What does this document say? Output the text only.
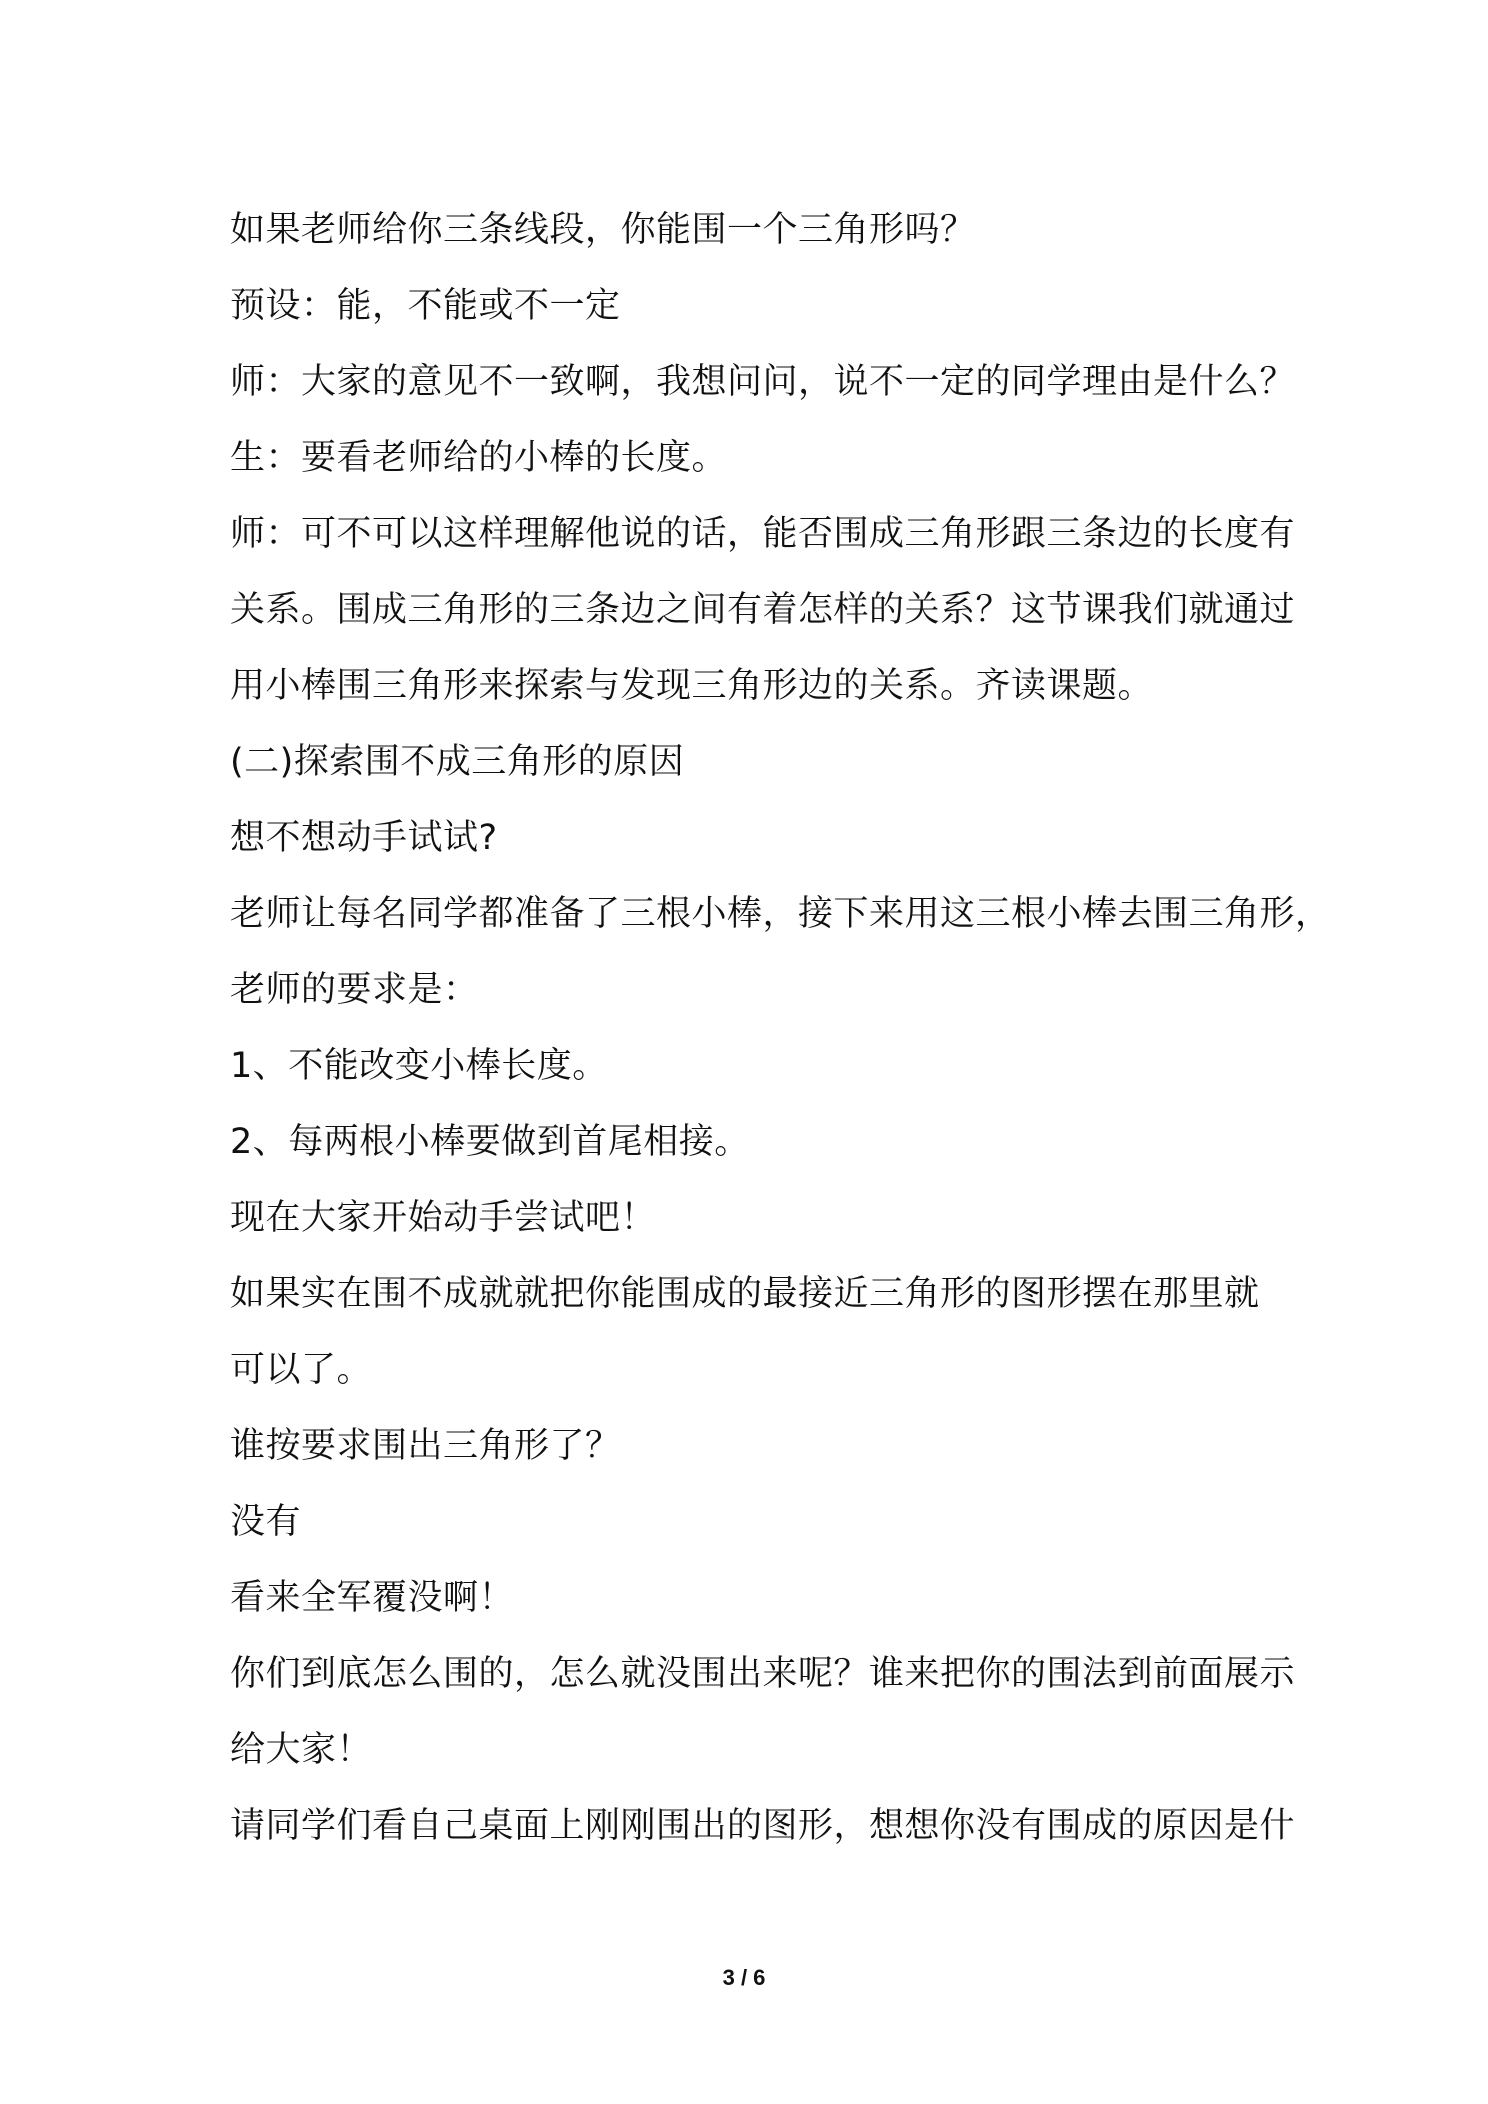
如果老师给你三条线段，你能围一个三角形吗？
预设：能，不能或不一定
师：大家的意见不一致啊，我想问问，说不一定的同学理由是什么？
生：要看老师给的小棒的长度。
师：可不可以这样理解他说的话，能否围成三角形跟三条边的长度有
关系。围成三角形的三条边之间有着怎样的关系？这节课我们就通过
用小棒围三角形来探索与发现三角形边的关系。齐读课题。
(二)探索围不成三角形的原因
想不想动手试试?
老师让每名同学都准备了三根小棒，接下来用这三根小棒去围三角形，
老师的要求是：
1、不能改变小棒长度。
2、每两根小棒要做到首尾相接。
现在大家开始动手尝试吧！
如果实在围不成就就把你能围成的最接近三角形的图形摆在那里就
可以了。
谁按要求围出三角形了？
没有
看来全军覆没啊！
你们到底怎么围的，怎么就没围出来呢？谁来把你的围法到前面展示
给大家！
请同学们看自己桌面上刚刚围出的图形，想想你没有围成的原因是什
3 / 6
